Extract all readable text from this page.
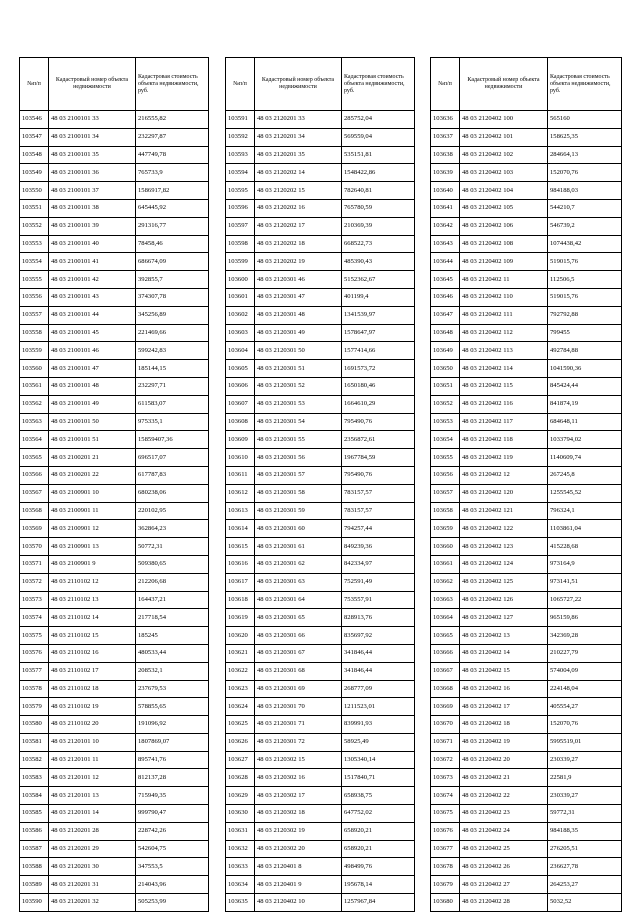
№п/п	Кадастровый номер объекта недвижимости	Кадастровая стоимость объекта недвижимости, руб.
103546	48 03 2100101 33	216555,82
103547	48 03 2100101 34	232297,87
103548	48 03 2100101 35	447749,78
103549	48 03 2100101 36	765733,9
103550	48 03 2100101 37	1586917,82
103551	48 03 2100101 38	645445,92
103552	48 03 2100101 39	291316,77
103553	48 03 2100101 40	78458,46
103554	48 03 2100101 41	686674,09
103555	48 03 2100101 42	392855,7
103556	48 03 2100101 43	374307,78
103557	48 03 2100101 44	345256,89
103558	48 03 2100101 45	221469,66
103559	48 03 2100101 46	599242,83
103560	48 03 2100101 47	185144,15
103561	48 03 2100101 48	232297,71
103562	48 03 2100101 49	611583,07
103563	48 03 2100101 50	975335,1
103564	48 03 2100101 51	15859407,36
103565	48 03 2100201 21	696517,07
103566	48 03 2100201 22	617787,83
103567	48 03 2100901 10	680238,06
103568	48 03 2100901 11	220102,95
103569	48 03 2100901 12	362864,23
103570	48 03 2100901 13	50772,31
103571	48 03 2100901 9	509380,65
103572	48 03 2110102 12	212206,68
103573	48 03 2110102 13	164437,21
103574	48 03 2110102 14	217718,54
103575	48 03 2110102 15	185245
103576	48 03 2110102 16	480533,44
103577	48 03 2110102 17	208532,1
103578	48 03 2110102 18	237679,53
103579	48 03 2110102 19	578855,65
103580	48 03 2110102 20	191096,92
103581	48 03 2120101 10	1807869,07
103582	48 03 2120101 11	895741,76
103583	48 03 2120101 12	812137,28
103584	48 03 2120101 13	715949,35
103585	48 03 2120101 14	999790,47
103586	48 03 2120201 28	228742,26
103587	48 03 2120201 29	542604,75
103588	48 03 2120201 30	347553,5
103589	48 03 2120201 31	214043,96
103590	48 03 2120201 32	505253,99
№п/п	Кадастровый номер объекта недвижимости	Кадастровая стоимость объекта недвижимости, руб.
103591	48 03 2120201 33	285752,04
103592	48 03 2120201 34	569559,04
103593	48 03 2120201 35	535151,81
103594	48 03 2120202 14	1548422,86
103595	48 03 2120202 15	782640,81
103596	48 03 2120202 16	765780,59
103597	48 03 2120202 17	210369,39
103598	48 03 2120202 18	668522,73
103599	48 03 2120202 19	485390,43
103600	48 03 2120301 46	5152362,67
103601	48 03 2120301 47	401199,4
103602	48 03 2120301 48	1341539,97
103603	48 03 2120301 49	1578647,97
103604	48 03 2120301 50	1577414,66
103605	48 03 2120301 51	1691573,72
103606	48 03 2120301 52	1650180,46
103607	48 03 2120301 53	1664610,29
103608	48 03 2120301 54	795490,76
103609	48 03 2120301 55	2356872,61
103610	48 03 2120301 56	1967784,59
103611	48 03 2120301 57	795490,76
103612	48 03 2120301 58	783157,57
103613	48 03 2120301 59	783157,57
103614	48 03 2120301 60	794257,44
103615	48 03 2120301 61	849239,36
103616	48 03 2120301 62	842334,97
103617	48 03 2120301 63	752591,49
103618	48 03 2120301 64	753557,91
103619	48 03 2120301 65	828913,76
103620	48 03 2120301 66	835697,92
103621	48 03 2120301 67	341846,44
103622	48 03 2120301 68	341846,44
103623	48 03 2120301 69	268777,09
103624	48 03 2120301 70	1211523,01
103625	48 03 2120301 71	839991,93
103626	48 03 2120301 72	58925,49
103627	48 03 2120302 15	1305340,14
103628	48 03 2120302 16	1517840,71
103629	48 03 2120302 17	658938,75
103630	48 03 2120302 18	647752,02
103631	48 03 2120302 19	658920,21
103632	48 03 2120302 20	658920,21
103633	48 03 2120401 8	498499,76
103634	48 03 2120401 9	195678,14
103635	48 03 2120402 10	1257967,84
№п/п	Кадастровый номер объекта недвижимости	Кадастровая стоимость объекта недвижимости, руб.
103636	48 03 2120402 100	565160
103637	48 03 2120402 101	158625,35
103638	48 03 2120402 102	284664,13
103639	48 03 2120402 103	152070,76
103640	48 03 2120402 104	984188,03
103641	48 03 2120402 105	544210,7
103642	48 03 2120402 106	546739,2
103643	48 03 2120402 108	1074438,42
103644	48 03 2120402 109	519015,76
103645	48 03 2120402 11	112506,5
103646	48 03 2120402 110	519015,76
103647	48 03 2120402 111	792792,88
103648	48 03 2120402 112	799455
103649	48 03 2120402 113	492784,88
103650	48 03 2120402 114	1041590,36
103651	48 03 2120402 115	845424,44
103652	48 03 2120402 116	841874,19
103653	48 03 2120402 117	684648,11
103654	48 03 2120402 118	1033794,02
103655	48 03 2120402 119	1140609,74
103656	48 03 2120402 12	267245,8
103657	48 03 2120402 120	1255545,52
103658	48 03 2120402 121	796324,1
103659	48 03 2120402 122	1103861,04
103660	48 03 2120402 123	415228,68
103661	48 03 2120402 124	973164,9
103662	48 03 2120402 125	973141,51
103663	48 03 2120402 126	1065727,22
103664	48 03 2120402 127	965159,86
103665	48 03 2120402 13	342369,28
103666	48 03 2120402 14	210227,79
103667	48 03 2120402 15	574004,09
103668	48 03 2120402 16	224148,04
103669	48 03 2120402 17	405554,27
103670	48 03 2120402 18	152070,76
103671	48 03 2120402 19	5995519,01
103672	48 03 2120402 20	230339,27
103673	48 03 2120402 21	22581,9
103674	48 03 2120402 22	230339,27
103675	48 03 2120402 23	59772,31
103676	48 03 2120402 24	984188,35
103677	48 03 2120402 25	276205,51
103678	48 03 2120402 26	236627,78
103679	48 03 2120402 27	264253,27
103680	48 03 2120402 28	5032,52
